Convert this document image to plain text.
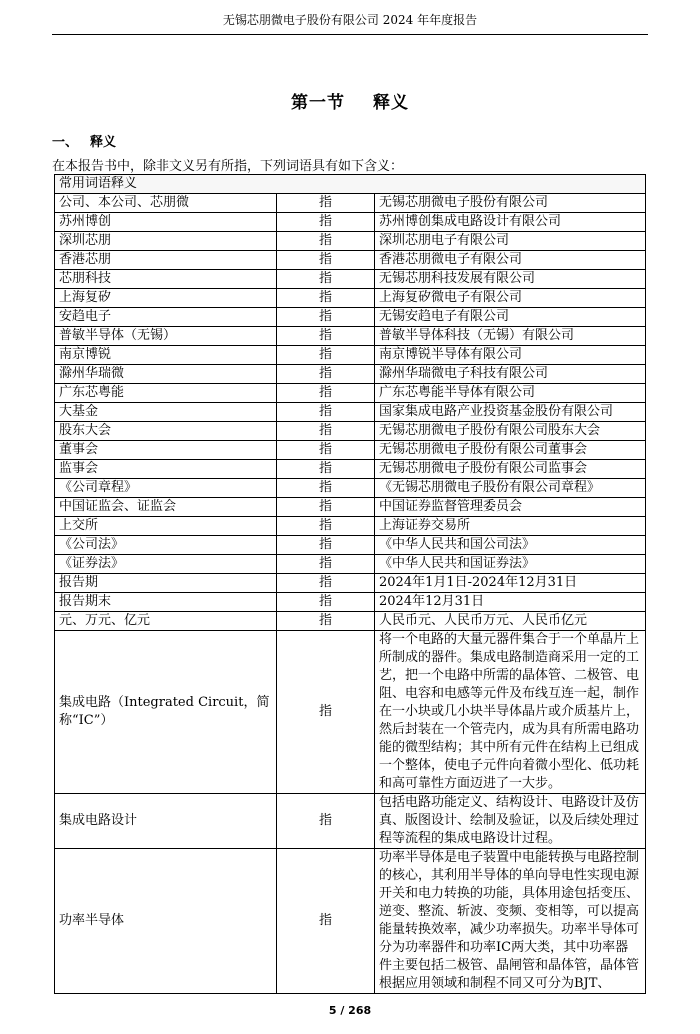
无锡芯朋微电子股份有限公司 2024 年年度报告
第一节 释义
一、 释义
在本报告书中，除非文义另有所指，下列词语具有如下含义：
常用词语释义		
公司、本公司、芯朋微	指	无锡芯朋微电子股份有限公司
苏州博创	指	苏州博创集成电路设计有限公司
深圳芯朋	指	深圳芯朋电子有限公司
香港芯朋	指	香港芯朋微电子有限公司
芯朋科技	指	无锡芯朋科技发展有限公司
上海复矽	指	上海复矽微电子有限公司
安趋电子	指	无锡安趋电子有限公司
普敏半导体（无锡）	指	普敏半导体科技（无锡）有限公司
南京博锐	指	南京博锐半导体有限公司
滁州华瑞微	指	滁州华瑞微电子科技有限公司
广东芯粤能	指	广东芯粤能半导体有限公司
大基金	指	国家集成电路产业投资基金股份有限公司
股东大会	指	无锡芯朋微电子股份有限公司股东大会
董事会	指	无锡芯朋微电子股份有限公司董事会
监事会	指	无锡芯朋微电子股份有限公司监事会
《公司章程》	指	《无锡芯朋微电子股份有限公司章程》
中国证监会、证监会	指	中国证券监督管理委员会
上交所	指	上海证券交易所
《公司法》	指	《中华人民共和国公司法》
《证券法》	指	《中华人民共和国证券法》
报告期	指	2024年1月1日-2024年12月31日
报告期末	指	2024年12月31日
元、万元、亿元	指	人民币元、人民币万元、人民币亿元
集成电路（Integrated Circuit，简称“IC”）	指	将一个电路的大量元器件集合于一个单晶片上所制成的器件。集成电路制造商采用一定的工艺，把一个电路中所需的晶体管、二极管、电阻、电容和电感等元件及布线互连一起，制作在一小块或几小块半导体晶片或介质基片上，然后封装在一个管壳内，成为具有所需电路功能的微型结构；其中所有元件在结构上已组成一个整体，使电子元件向着微小型化、低功耗和高可靠性方面迈进了一大步。
集成电路设计	指	包括电路功能定义、结构设计、电路设计及仿真、版图设计、绘制及验证，以及后续处理过程等流程的集成电路设计过程。
功率半导体	指	功率半导体是电子装置中电能转换与电路控制的核心，其利用半导体的单向导电性实现电源开关和电力转换的功能，具体用途包括变压、逆变、整流、斩波、变频、变相等，可以提高能量转换效率，减少功率损失。功率半导体可分为功率器件和功率IC两大类，其中功率器件主要包括二极管、晶闸管和晶体管，晶体管根据应用领域和制程不同又可分为BJT、
5 / 268
